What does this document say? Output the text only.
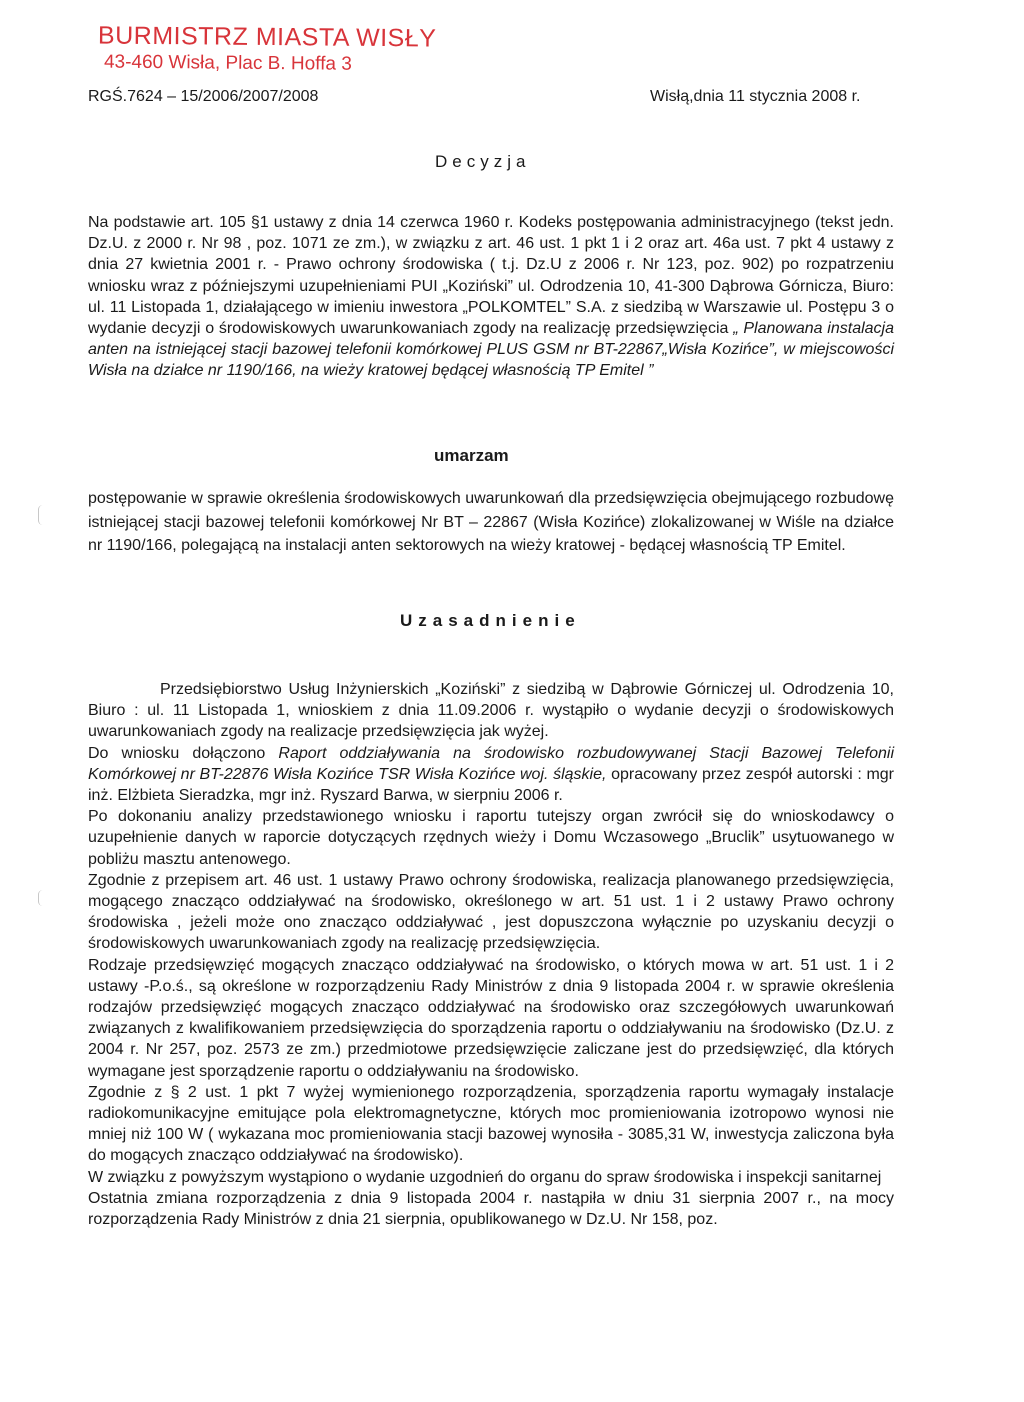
BURMISTRZ MIASTA WISŁY
43-460 Wisła, Plac B. Hoffa 3
RGŚ.7624 – 15/2006/2007/2008	Wisłą,dnia 11 stycznia 2008 r.
Decyzja

Na podstawie art. 105 §1 ustawy z dnia 14 czerwca 1960 r. Kodeks postępowania administracyjnego (tekst jedn. Dz.U. z 2000 r. Nr 98 , poz. 1071 ze zm.), w związku z art. 46 ust. 1 pkt 1 i 2 oraz art. 46a ust. 7 pkt 4 ustawy z dnia 27 kwietnia 2001 r. - Prawo ochrony środowiska ( t.j. Dz.U z 2006 r. Nr 123, poz. 902) po rozpatrzeniu wniosku wraz z późniejszymi uzupełnieniami PUI „Koziński” ul. Odrodzenia 10, 41-300 Dąbrowa Górnicza, Biuro: ul. 11 Listopada 1, działającego w imieniu inwestora „POLKOMTEL” S.A. z siedzibą w Warszawie ul. Postępu 3 o wydanie decyzji o środowiskowych uwarunkowaniach zgody na realizację przedsięwzięcia „ Planowana instalacja anten na istniejącej stacji bazowej telefonii komórkowej PLUS GSM nr BT-22867„Wisła Kozińce”, w miejscowości Wisła na działce nr 1190/166, na wieży kratowej będącej własnością TP Emitel ”

umarzam

postępowanie w sprawie określenia środowiskowych uwarunkowań dla przedsięwzięcia obejmującego rozbudowę istniejącej stacji bazowej telefonii komórkowej Nr BT – 22867 (Wisła Kozińce) zlokalizowanej w Wiśle na działce nr 1190/166, polegającą na instalacji anten sektorowych na wieży kratowej - będącej własnością TP Emitel.

Uzasadnienie
Przedsiębiorstwo Usług Inżynierskich „Koziński” z siedzibą w Dąbrowie Górniczej ul. Odrodzenia 10, Biuro : ul. 11 Listopada 1, wnioskiem z dnia 11.09.2006 r. wystąpiło o wydanie decyzji o środowiskowych uwarunkowaniach zgody na realizacje przedsięwzięcia jak wyżej.
Do wniosku dołączono Raport oddziaływania na środowisko rozbudowywanej Stacji Bazowej Telefonii Komórkowej nr BT-22876 Wisła Kozińce TSR Wisła Kozińce woj. śląskie, opracowany przez zespół autorski : mgr inż. Elżbieta Sieradzka, mgr inż. Ryszard Barwa, w sierpniu 2006 r.
Po dokonaniu analizy przedstawionego wniosku i raportu tutejszy organ zwrócił się do wnioskodawcy o uzupełnienie danych w raporcie dotyczących rzędnych wieży i Domu Wczasowego „Bruclik” usytuowanego w pobliżu masztu antenowego.
Zgodnie z przepisem art. 46 ust. 1 ustawy Prawo ochrony środowiska, realizacja planowanego przedsięwzięcia, mogącego znacząco oddziaływać na środowisko, określonego w art. 51 ust. 1 i 2 ustawy Prawo ochrony środowiska , jeżeli może ono znacząco oddziaływać , jest dopuszczona wyłącznie po uzyskaniu decyzji o środowiskowych uwarunkowaniach zgody na realizację przedsięwzięcia.
Rodzaje przedsięwzięć mogących znacząco oddziaływać na środowisko, o których mowa w art. 51 ust. 1 i 2 ustawy -P.o.ś., są określone w rozporządzeniu Rady Ministrów z dnia 9 listopada 2004 r. w sprawie określenia rodzajów przedsięwzięć mogących znacząco oddziaływać na środowisko oraz szczegółowych uwarunkowań związanych z kwalifikowaniem przedsięwzięcia do sporządzenia raportu o oddziaływaniu na środowisko (Dz.U. z 2004 r. Nr 257, poz. 2573 ze zm.) przedmiotowe przedsięwzięcie zaliczane jest do przedsięwzięć, dla których wymagane jest sporządzenie raportu o oddziaływaniu na środowisko.
Zgodnie z § 2 ust. 1 pkt 7 wyżej wymienionego rozporządzenia, sporządzenia raportu wymagały instalacje radiokomunikacyjne emitujące pola elektromagnetyczne, których moc promieniowania izotropowo wynosi nie mniej niż 100 W ( wykazana moc promieniowania stacji bazowej wynosiła - 3085,31 W, inwestycja zaliczona była do mogących znacząco oddziaływać na środowisko).
W związku z powyższym wystąpiono o wydanie uzgodnień do organu do spraw środowiska i inspekcji sanitarnej
Ostatnia zmiana rozporządzenia z dnia 9 listopada 2004 r. nastąpiła w dniu 31 sierpnia 2007 r., na mocy rozporządzenia Rady Ministrów z dnia 21 sierpnia, opublikowanego w Dz.U. Nr 158, poz.
